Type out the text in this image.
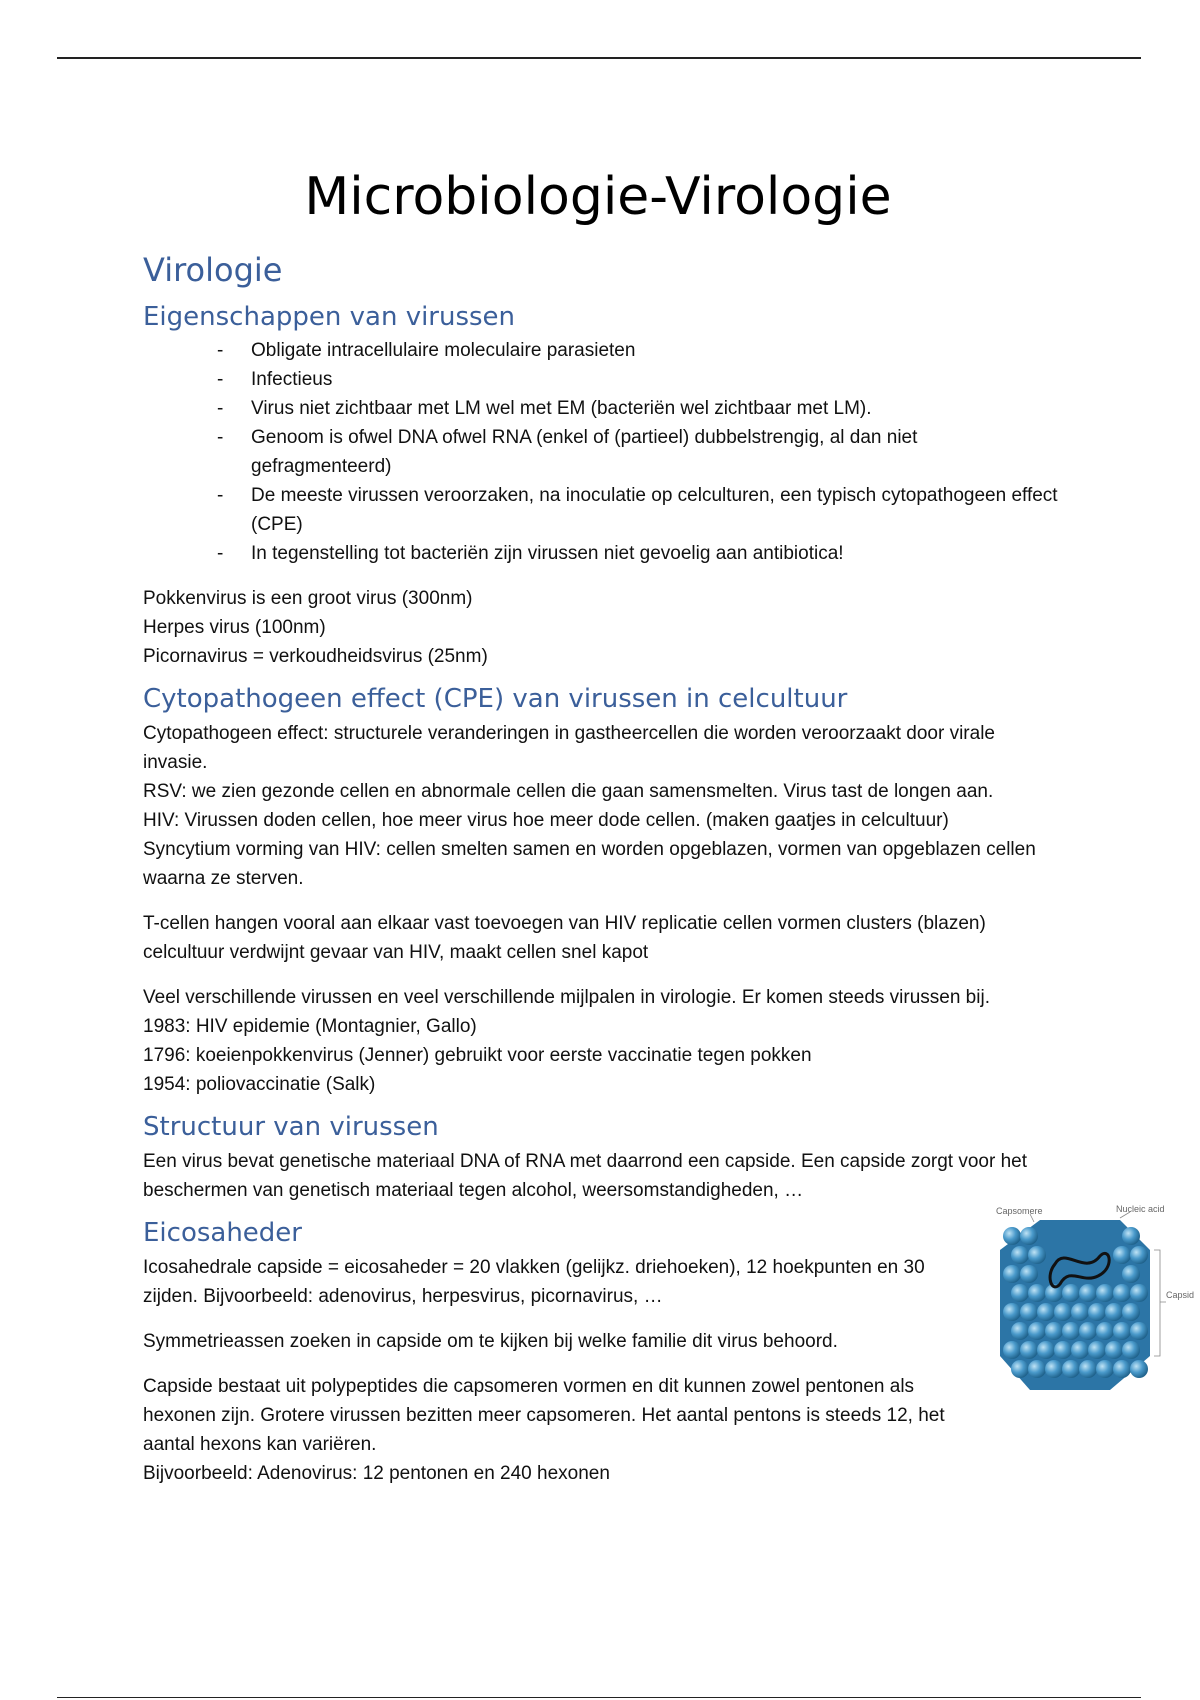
Microbiologie-Virologie
Virologie
Eigenschappen van virussen
- Obligate intracellulaire moleculaire parasieten
- Infectieus
- Virus niet zichtbaar met LM wel met EM (bacteriën wel zichtbaar met LM).
- Genoom is ofwel DNA ofwel RNA (enkel of (partieel) dubbelstrengig, al dan niet gefragmenteerd)
- De meeste virussen veroorzaken, na inoculatie op celculturen, een typisch cytopathogeen effect (CPE)
- In tegenstelling tot bacteriën zijn virussen niet gevoelig aan antibiotica!

Pokkenvirus is een groot virus (300nm)

Herpes virus (100nm)

Picornavirus = verkoudheidsvirus (25nm)

Cytopathogeen effect (CPE) van virussen in celcultuur

Cytopathogeen effect: structurele veranderingen in gastheercellen die worden veroorzaakt door virale invasie.

RSV: we zien gezonde cellen en abnormale cellen die gaan samensmelten. Virus tast de longen aan.

HIV: Virussen doden cellen, hoe meer virus hoe meer dode cellen. (maken gaatjes in celcultuur)

Syncytium vorming van HIV: cellen smelten samen en worden opgeblazen, vormen van opgeblazen cellen waarna ze sterven.

T-cellen hangen vooral aan elkaar vast toevoegen van HIV replicatie cellen vormen clusters (blazen) celcultuur verdwijnt gevaar van HIV, maakt cellen snel kapot

Veel verschillende virussen en veel verschillende mijlpalen in virologie. Er komen steeds virussen bij.

1983: HIV epidemie (Montagnier, Gallo)

1796: koeienpokkenvirus (Jenner) gebruikt voor eerste vaccinatie tegen pokken

1954: poliovaccinatie (Salk)

Structuur van virussen

Een virus bevat genetische materiaal DNA of RNA met daarrond een capside. Een capside zorgt voor het beschermen van genetisch materiaal tegen alcohol, weersomstandigheden, …

Eicosaheder

Icosahedrale capside = eicosaheder = 20 vlakken (gelijkz. driehoeken), 12 hoekpunten en 30 zijden. Bijvoorbeeld: adenovirus, herpesvirus, picornavirus, …

Symmetrieassen zoeken in capside om te kijken bij welke familie dit virus behoord.

Capside bestaat uit polypeptides die capsomeren vormen en dit kunnen zowel pentonen als hexonen zijn. Grotere virussen bezitten meer capsomeren. Het aantal pentons is steeds 12, het aantal hexons kan variëren.

Bijvoorbeeld: Adenovirus: 12 pentonen en 240 hexonen

Capsomere	Nucleic acid
Capsid
